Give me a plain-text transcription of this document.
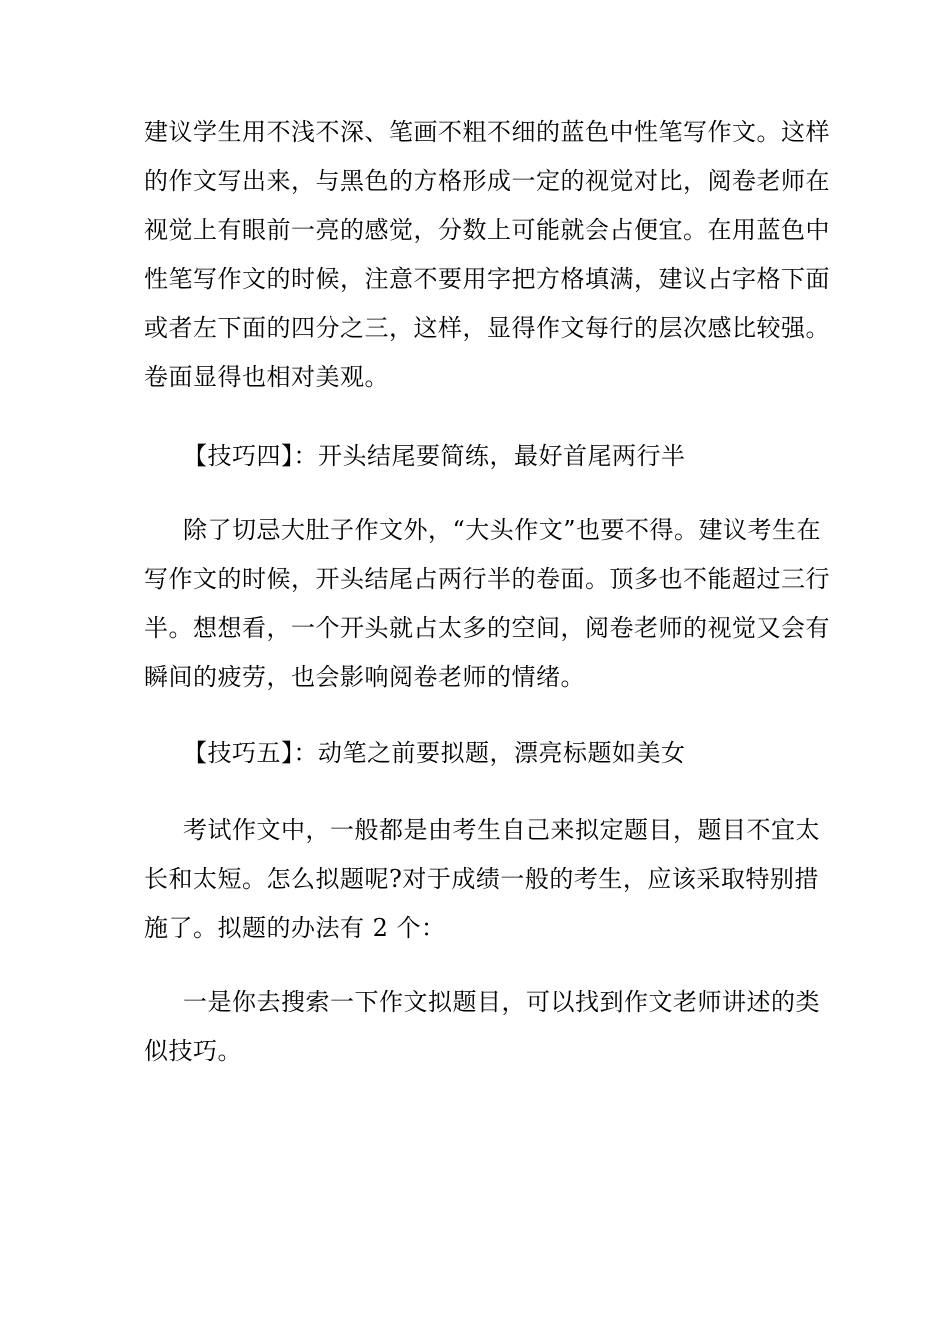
建议学生用不浅不深、笔画不粗不细的蓝色中性笔写作文。这样
的作文写出来，与黑色的方格形成一定的视觉对比，阅卷老师在
视觉上有眼前一亮的感觉，分数上可能就会占便宜。在用蓝色中
性笔写作文的时候，注意不要用字把方格填满，建议占字格下面
或者左下面的四分之三，这样，显得作文每行的层次感比较强。
卷面显得也相对美观。

【技巧四】：开头结尾要简练，最好首尾两行半

除了切忌大肚子作文外，“大头作文”也要不得。建议考生在
写作文的时候，开头结尾占两行半的卷面。顶多也不能超过三行
半。想想看，一个开头就占太多的空间，阅卷老师的视觉又会有
瞬间的疲劳，也会影响阅卷老师的情绪。

【技巧五】：动笔之前要拟题，漂亮标题如美女

考试作文中，一般都是由考生自己来拟定题目，题目不宜太
长和太短。怎么拟题呢?对于成绩一般的考生，应该采取特别措
施了。拟题的办法有 2 个：

一是你去搜索一下作文拟题目，可以找到作文老师讲述的类
似技巧。
